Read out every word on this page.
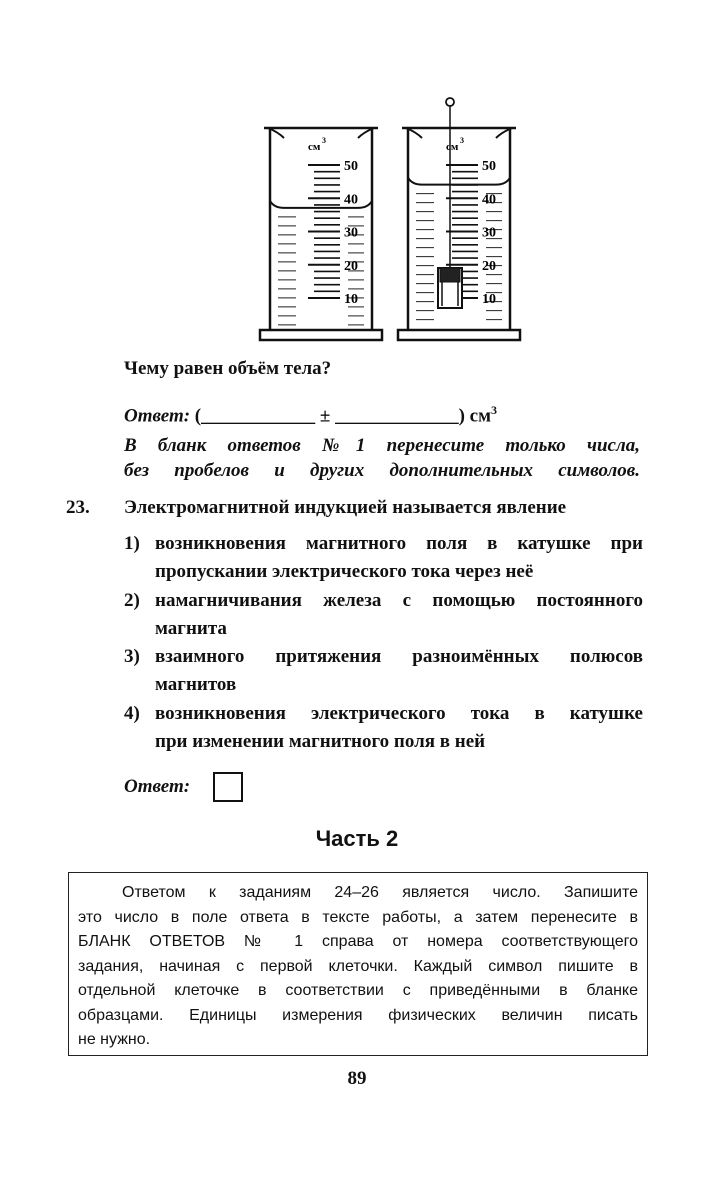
см
3
50
40
30
20
10
см
3
50
40
30
20
10
Чему равен объём тела?
Ответ: (____________ ± _____________) $см^3$
В бланк ответов №1 перенесите только числа,
без пробелов и других дополнительных символов.
23. Электромагнитной индукцией называется явление
1) возникновения магнитного поля в катушке при
пропускании электрического тока через неё
2) намагничивания железа с помощью постоянного
магнита
3) взаимного притяжения разноимённых полюсов
магнитов
4) возникновения электрического тока в катушке
при изменении магнитного поля в ней
Ответ:
Часть 2
Ответом к заданиям 24–26 является число. Запишите
это число в поле ответа в тексте работы, а затем перенесите в
БЛАНК ОТВЕТОВ № 1 справа от номера соответствующего
задания, начиная с первой клеточки. Каждый символ пишите в
отдельной клеточке в соответствии с приведёнными в бланке
образцами. Единицы измерения физических величин писать
не нужно.
89
